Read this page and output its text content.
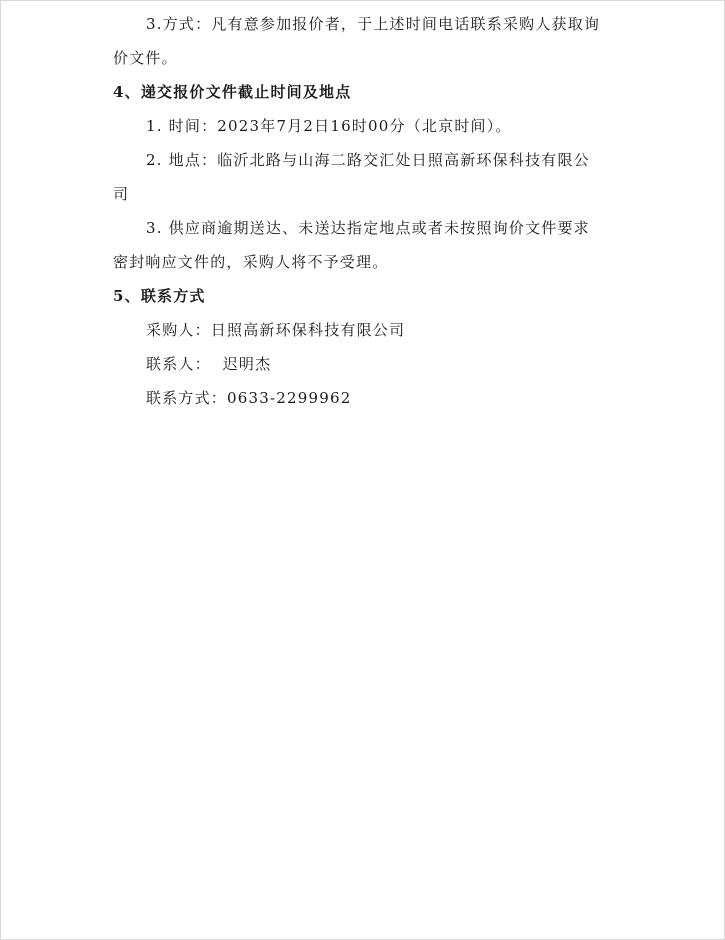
3.方式：凡有意参加报价者，于上述时间电话联系采购人获取询
价文件。
4、递交报价文件截止时间及地点
1. 时间：2023年7月2日16时00分（北京时间）。
2. 地点：临沂北路与山海二路交汇处日照高新环保科技有限公
司
3. 供应商逾期送达、未送达指定地点或者未按照询价文件要求
密封响应文件的，采购人将不予受理。
5、联系方式
采购人：日照高新环保科技有限公司
联系人：  迟明杰
联系方式：0633-2299962
